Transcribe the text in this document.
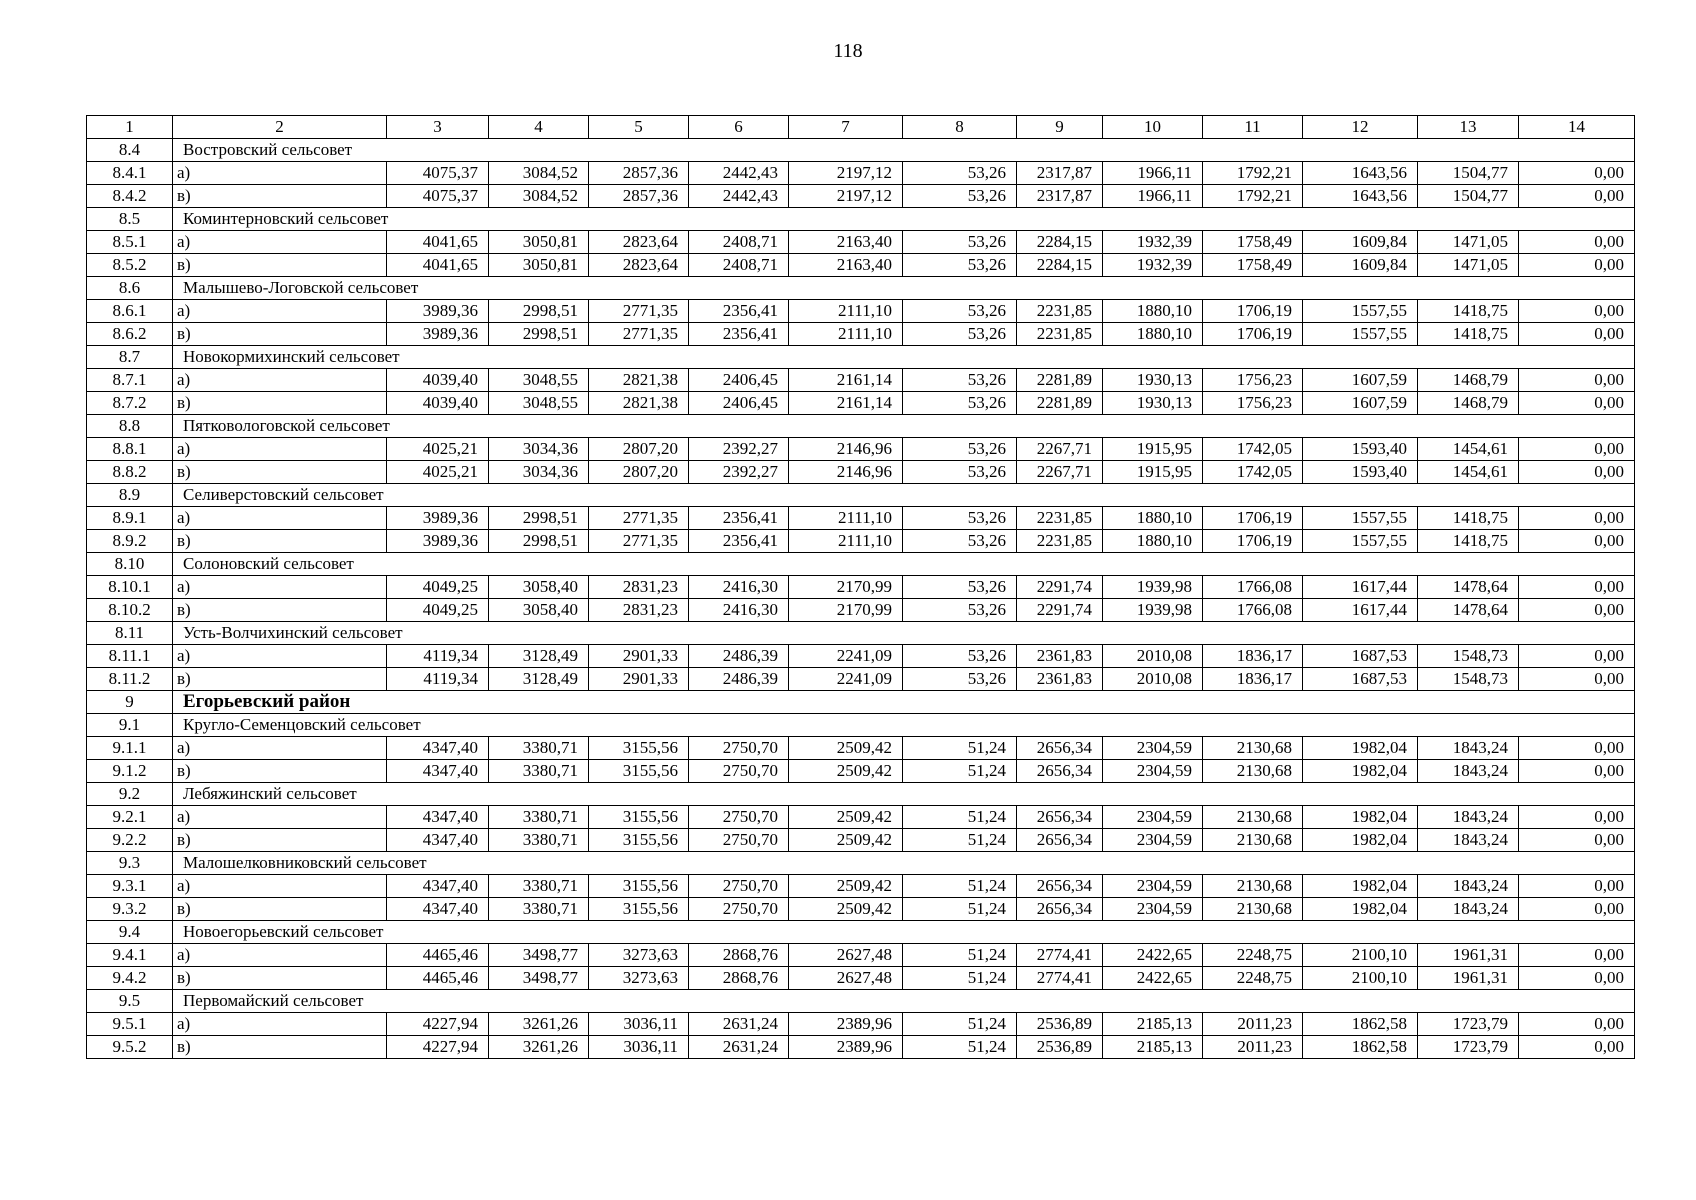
118
1	2	3	4	5	6	7	8	9	10	11	12	13	14
8.4	Востровский сельсовет												
8.4.1	а)	4075,37	3084,52	2857,36	2442,43	2197,12	53,26	2317,87	1966,11	1792,21	1643,56	1504,77	0,00
8.4.2	в)	4075,37	3084,52	2857,36	2442,43	2197,12	53,26	2317,87	1966,11	1792,21	1643,56	1504,77	0,00
8.5	Коминтерновский сельсовет												
8.5.1	а)	4041,65	3050,81	2823,64	2408,71	2163,40	53,26	2284,15	1932,39	1758,49	1609,84	1471,05	0,00
8.5.2	в)	4041,65	3050,81	2823,64	2408,71	2163,40	53,26	2284,15	1932,39	1758,49	1609,84	1471,05	0,00
8.6	Малышево-Логовской сельсовет												
8.6.1	а)	3989,36	2998,51	2771,35	2356,41	2111,10	53,26	2231,85	1880,10	1706,19	1557,55	1418,75	0,00
8.6.2	в)	3989,36	2998,51	2771,35	2356,41	2111,10	53,26	2231,85	1880,10	1706,19	1557,55	1418,75	0,00
8.7	Новокормихинский сельсовет												
8.7.1	а)	4039,40	3048,55	2821,38	2406,45	2161,14	53,26	2281,89	1930,13	1756,23	1607,59	1468,79	0,00
8.7.2	в)	4039,40	3048,55	2821,38	2406,45	2161,14	53,26	2281,89	1930,13	1756,23	1607,59	1468,79	0,00
8.8	Пятковологовской сельсовет												
8.8.1	а)	4025,21	3034,36	2807,20	2392,27	2146,96	53,26	2267,71	1915,95	1742,05	1593,40	1454,61	0,00
8.8.2	в)	4025,21	3034,36	2807,20	2392,27	2146,96	53,26	2267,71	1915,95	1742,05	1593,40	1454,61	0,00
8.9	Селиверстовский сельсовет												
8.9.1	а)	3989,36	2998,51	2771,35	2356,41	2111,10	53,26	2231,85	1880,10	1706,19	1557,55	1418,75	0,00
8.9.2	в)	3989,36	2998,51	2771,35	2356,41	2111,10	53,26	2231,85	1880,10	1706,19	1557,55	1418,75	0,00
8.10	Солоновский сельсовет												
8.10.1	а)	4049,25	3058,40	2831,23	2416,30	2170,99	53,26	2291,74	1939,98	1766,08	1617,44	1478,64	0,00
8.10.2	в)	4049,25	3058,40	2831,23	2416,30	2170,99	53,26	2291,74	1939,98	1766,08	1617,44	1478,64	0,00
8.11	Усть-Волчихинский сельсовет												
8.11.1	а)	4119,34	3128,49	2901,33	2486,39	2241,09	53,26	2361,83	2010,08	1836,17	1687,53	1548,73	0,00
8.11.2	в)	4119,34	3128,49	2901,33	2486,39	2241,09	53,26	2361,83	2010,08	1836,17	1687,53	1548,73	0,00
9	Егорьевский район												
9.1	Кругло-Семенцовский сельсовет												
9.1.1	а)	4347,40	3380,71	3155,56	2750,70	2509,42	51,24	2656,34	2304,59	2130,68	1982,04	1843,24	0,00
9.1.2	в)	4347,40	3380,71	3155,56	2750,70	2509,42	51,24	2656,34	2304,59	2130,68	1982,04	1843,24	0,00
9.2	Лебяжинский сельсовет												
9.2.1	а)	4347,40	3380,71	3155,56	2750,70	2509,42	51,24	2656,34	2304,59	2130,68	1982,04	1843,24	0,00
9.2.2	в)	4347,40	3380,71	3155,56	2750,70	2509,42	51,24	2656,34	2304,59	2130,68	1982,04	1843,24	0,00
9.3	Малошелковниковский сельсовет												
9.3.1	а)	4347,40	3380,71	3155,56	2750,70	2509,42	51,24	2656,34	2304,59	2130,68	1982,04	1843,24	0,00
9.3.2	в)	4347,40	3380,71	3155,56	2750,70	2509,42	51,24	2656,34	2304,59	2130,68	1982,04	1843,24	0,00
9.4	Новоегорьевский сельсовет												
9.4.1	а)	4465,46	3498,77	3273,63	2868,76	2627,48	51,24	2774,41	2422,65	2248,75	2100,10	1961,31	0,00
9.4.2	в)	4465,46	3498,77	3273,63	2868,76	2627,48	51,24	2774,41	2422,65	2248,75	2100,10	1961,31	0,00
9.5	Первомайский сельсовет												
9.5.1	а)	4227,94	3261,26	3036,11	2631,24	2389,96	51,24	2536,89	2185,13	2011,23	1862,58	1723,79	0,00
9.5.2	в)	4227,94	3261,26	3036,11	2631,24	2389,96	51,24	2536,89	2185,13	2011,23	1862,58	1723,79	0,00
